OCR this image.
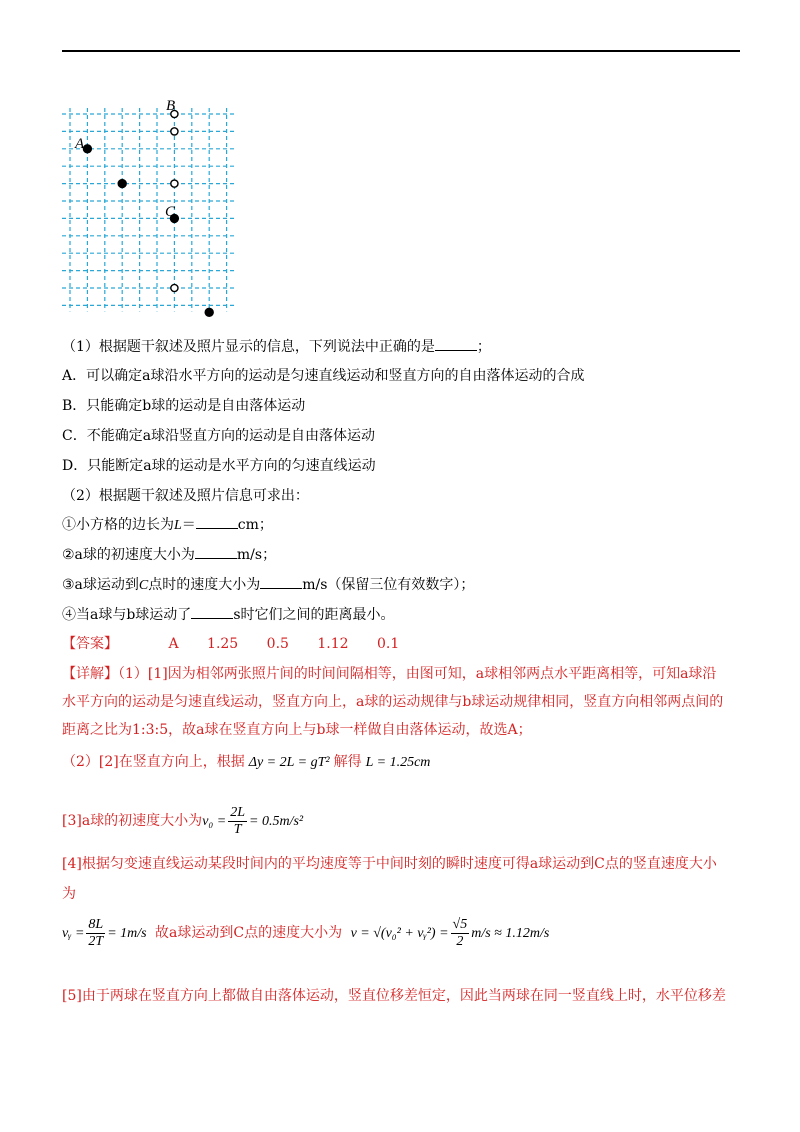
A
B
C
（1）根据题干叙述及照片显示的信息，下列说法中正确的是	；
A．可以确定a球沿水平方向的运动是匀速直线运动和竖直方向的自由落体运动的合成
B．只能确定b球的运动是自由落体运动
C．不能确定a球沿竖直方向的运动是自由落体运动
D．只能断定a球的运动是水平方向的匀速直线运动
（2）根据题干叙述及照片信息可求出：
①小方格的边长为L＝	cm；
②a球的初速度大小为	m/s；
③a球运动到C点时的速度大小为	m/s（保留三位有效数字）；
④当a球与b球运动了	s时它们之间的距离最小。
【答案】	A 1.25 0.5 1.12 0.1
【详解】（1）[1]因为相邻两张照片间的时间间隔相等，由图可知，a球相邻两点水平距离相等，可知a球沿
水平方向的运动是匀速直线运动，竖直方向上，a球的运动规律与b球运动规律相同，竖直方向相邻两点间的
距离之比为1:3:5，故a球在竖直方向上与b球一样做自由落体运动，故选A；
（2）[2]在竖直方向上，根据 Δy = 2L = gT² 解得 L = 1.25cm
[3]a球的初速度大小为$v_0 = \frac{2L}{T} = 0.5m/s^2$
[4]根据匀变速直线运动某段时间内的平均速度等于中间时刻的瞬时速度可得a球运动到C点的竖直速度大小
为
vᵧ = $\frac{8L}{2T} = 1m/s$ 故a球运动到C点的速度大小为 v = √(v₀² + vᵧ²) = $\frac{√5}{2} m/s \approx 1.12m/s$
[5]由于两球在竖直方向上都做自由落体运动，竖直位移差恒定，因此当两球在同一竖直线上时，水平位移差
